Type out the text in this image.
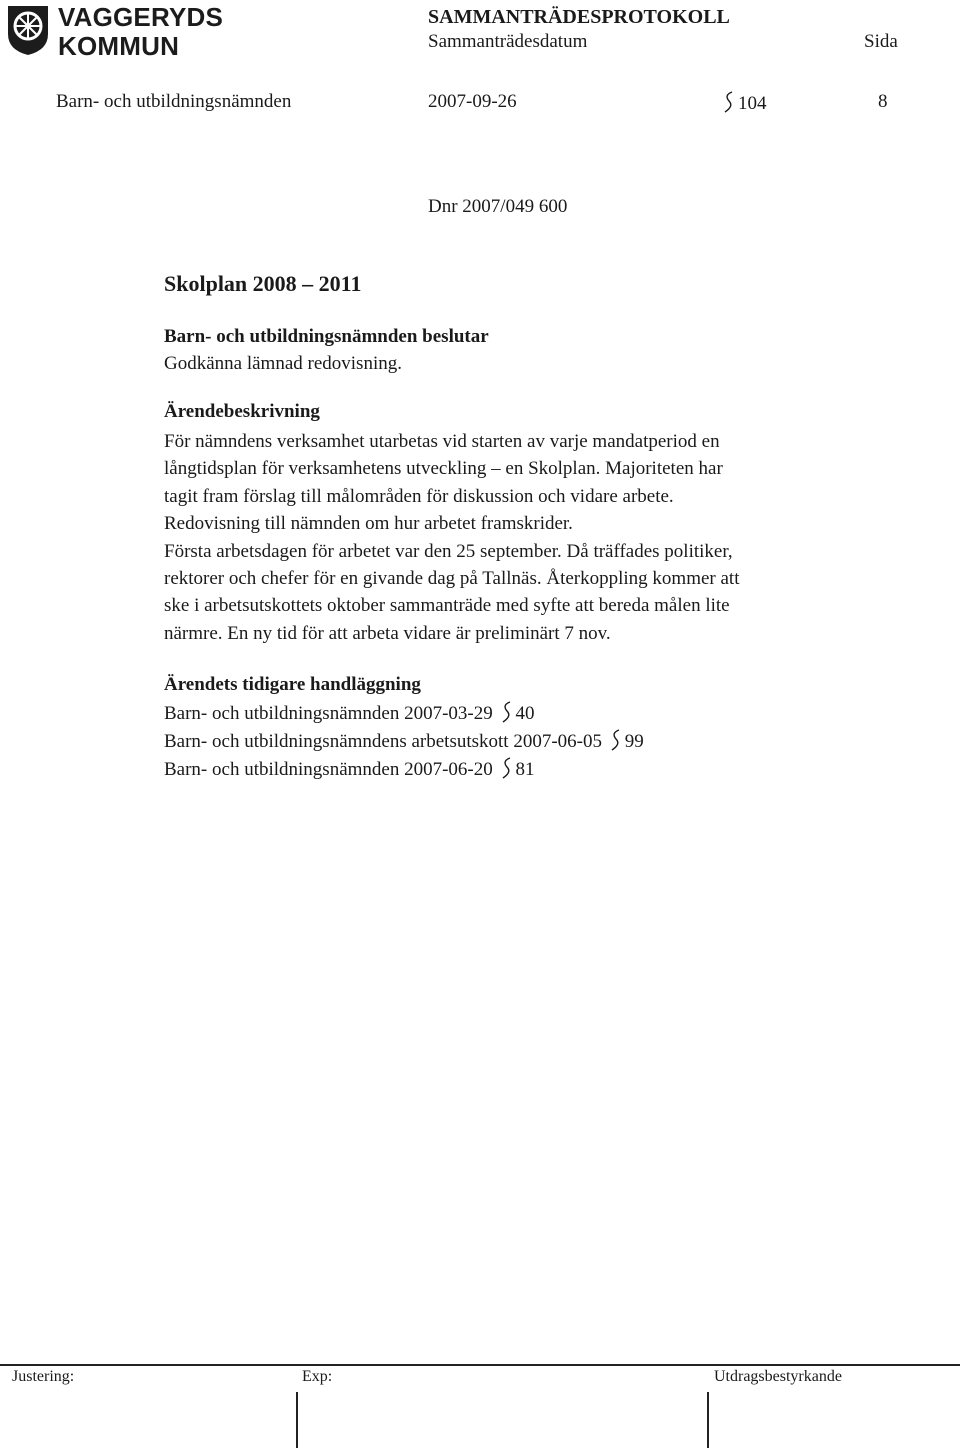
VAGGERYDS
KOMMUN
SAMMANTRÄDESPROTOKOLL
Sammanträdesdatum	Sida
Barn- och utbildningsnämnden	2007-09-26	104	8
Dnr 2007/049 600
Skolplan 2008 – 2011
Barn- och utbildningsnämnden beslutar
Godkänna lämnad redovisning.
Ärendebeskrivning
För nämndens verksamhet utarbetas vid starten av varje mandatperiod en
långtidsplan för verksamhetens utveckling – en Skolplan. Majoriteten har
tagit fram förslag till målområden för diskussion och vidare arbete.
Redovisning till nämnden om hur arbetet framskrider.
Första arbetsdagen för arbetet var den 25 september. Då träffades politiker,
rektorer och chefer för en givande dag på Tallnäs. Återkoppling kommer att
ske i arbetsutskottets oktober sammanträde med syfte att bereda målen lite
närmre. En ny tid för att arbeta vidare är preliminärt 7 nov.
Ärendets tidigare handläggning
Barn- och utbildningsnämnden 2007-03-29 40
Barn- och utbildningsnämndens arbetsutskott 2007-06-05 99
Barn- och utbildningsnämnden 2007-06-20 81
Justering:	Exp:	Utdragsbestyrkande
